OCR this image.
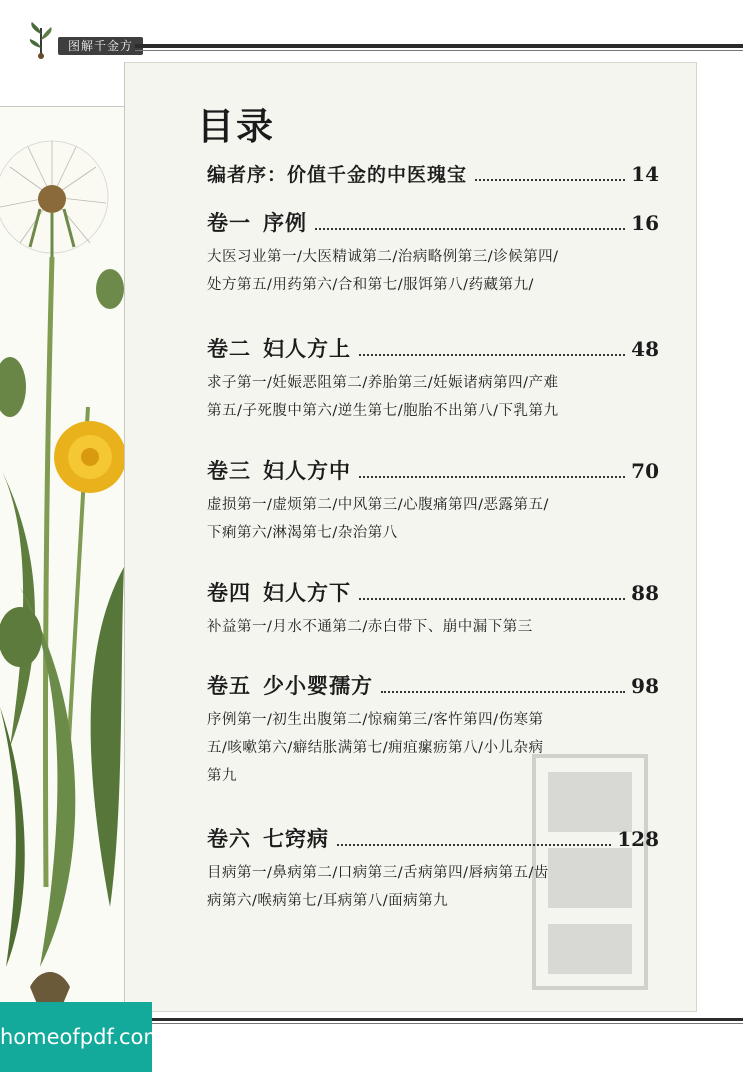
图解千金方
目录
编者序：价值千金的中医瑰宝	14
卷一 序例	16
大医习业第一/大医精诚第二/治病略例第三/诊候第四/
处方第五/用药第六/合和第七/服饵第八/药藏第九/
卷二 妇人方上	48
求子第一/妊娠恶阻第二/养胎第三/妊娠诸病第四/产难
第五/子死腹中第六/逆生第七/胞胎不出第八/下乳第九
卷三 妇人方中	70
虚损第一/虚烦第二/中风第三/心腹痛第四/恶露第五/
下痢第六/淋渴第七/杂治第八
卷四 妇人方下	88
补益第一/月水不通第二/赤白带下、崩中漏下第三
卷五 少小婴孺方	98
序例第一/初生出腹第二/惊痫第三/客忤第四/伤寒第
五/咳嗽第六/癖结胀满第七/痈疽瘰疬第八/小儿杂病
第九
卷六 七窍病	128
目病第一/鼻病第二/口病第三/舌病第四/唇病第五/齿
病第六/喉病第七/耳病第八/面病第九
homeofpdf.com
